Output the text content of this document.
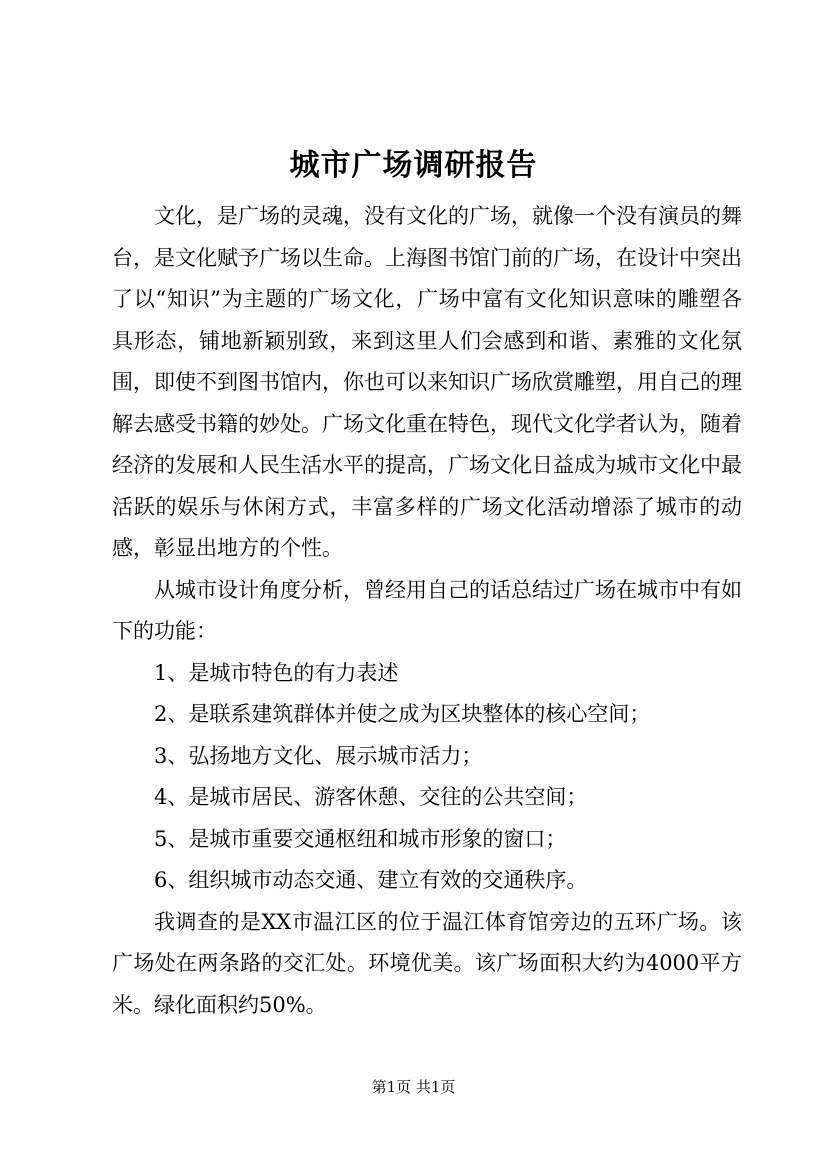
城市广场调研报告

文化，是广场的灵魂，没有文化的广场，就像一个没有演员的舞台，是文化赋予广场以生命。上海图书馆门前的广场，在设计中突出了以“知识”为主题的广场文化，广场中富有文化知识意味的雕塑各具形态，铺地新颖别致，来到这里人们会感到和谐、素雅的文化氛围，即使不到图书馆内，你也可以来知识广场欣赏雕塑，用自己的理解去感受书籍的妙处。广场文化重在特色，现代文化学者认为，随着经济的发展和人民生活水平的提高，广场文化日益成为城市文化中最活跃的娱乐与休闲方式，丰富多样的广场文化活动增添了城市的动感，彰显出地方的个性。

从城市设计角度分析，曾经用自己的话总结过广场在城市中有如下的功能：

1、是城市特色的有力表述

2、是联系建筑群体并使之成为区块整体的核心空间；

3、弘扬地方文化、展示城市活力；

4、是城市居民、游客休憩、交往的公共空间；

5、是城市重要交通枢纽和城市形象的窗口；

6、组织城市动态交通、建立有效的交通秩序。

我调查的是XX市温江区的位于温江体育馆旁边的五环广场。该广场处在两条路的交汇处。环境优美。该广场面积大约为4000平方米。绿化面积约50%。

第1页 共1页
